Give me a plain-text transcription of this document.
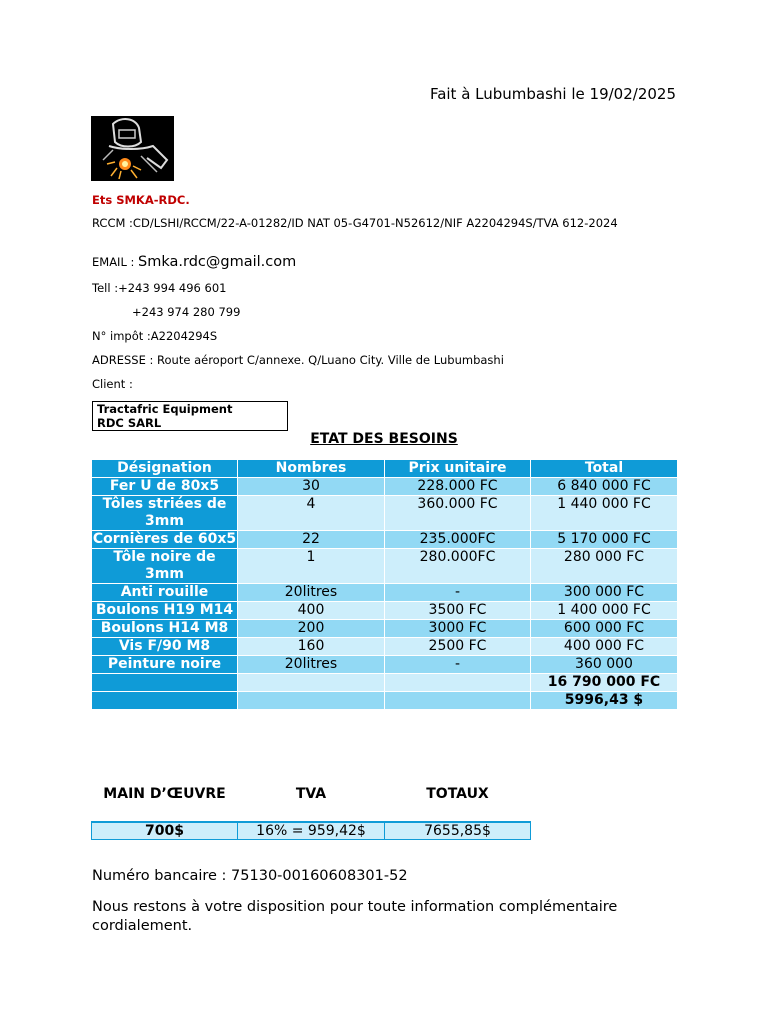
Fait à Lubumbashi le 19/02/2025
Ets SMKA-RDC.
RCCM :CD/LSHI/RCCM/22-A-01282/ID NAT 05-G4701-N52612/NIF A2204294S/TVA 612-2024
EMAIL : Smka.rdc@gmail.com
Tell :+243 994 496 601
+243 974 280 799
N° impôt :A2204294S
ADRESSE : Route aéroport C/annexe. Q/Luano City. Ville de Lubumbashi
Client :
Tractafric Equipment
RDC SARL
ETAT DES BESOINS
Désignation	Nombres	Prix unitaire	Total
Fer U de 80x5	30	228.000 FC	6 840 000 FC
Tôles striées de 3mm	4	360.000 FC	1 440 000 FC
Cornières de 60x5	22	235.000FC	5 170 000 FC
Tôle noire de 3mm	1	280.000FC	280 000 FC
Anti rouille	20litres	-	300 000 FC
Boulons H19 M14	400	3500 FC	1 400 000 FC
Boulons H14 M8	200	3000 FC	600 000 FC
Vis F/90 M8	160	2500 FC	400 000 FC
Peinture noire	20litres	-	360 000
			16 790 000 FC
			5996,43 $
MAIN D’ŒUVRE	TVA	TOTAUX
700$	16% = 959,42$	7655,85$
Numéro bancaire : 75130-00160608301-52
Nous restons à votre disposition pour toute information complémentaire cordialement.
